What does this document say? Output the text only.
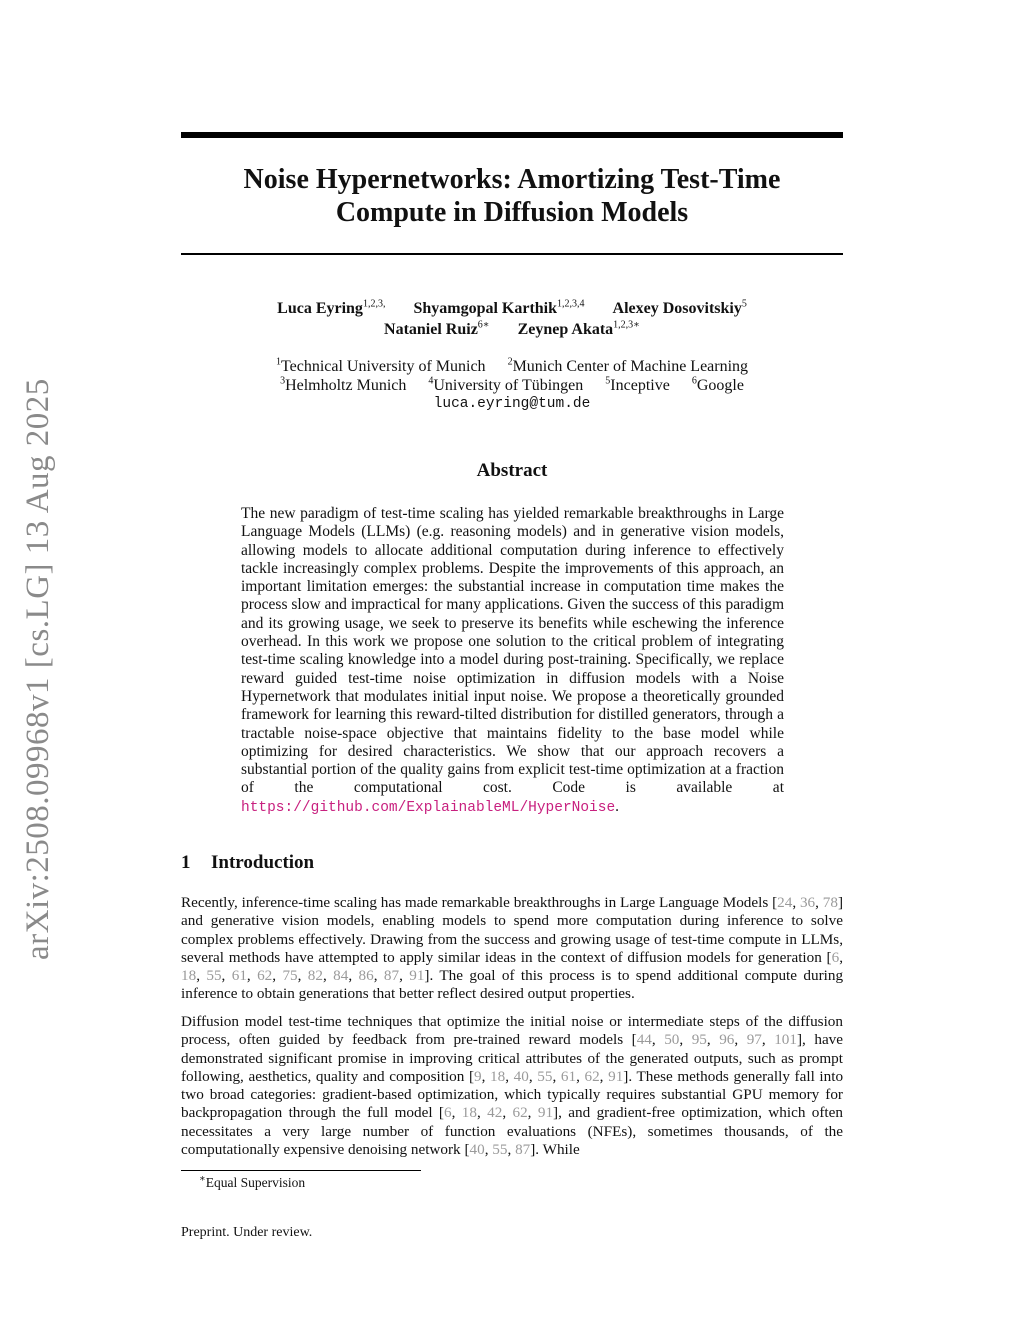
arXiv:2508.09968v1 [cs.LG] 13 Aug 2025
Noise Hypernetworks: Amortizing Test-Time
Compute in Diffusion Models
Luca Eyring$^{1,2,3,}$ Shyamgopal Karthik$^{1,2,3,4}$ Alexey Dosovitskiy$^5$
Nataniel Ruiz$^{6∗}$ Zeynep Akata$^{1,2,3∗}$
$^1$Technical University of Munich $^2$Munich Center of Machine Learning
$^3$Helmholtz Munich $^4$University of Tübingen $^5$Inceptive $^6$Google
luca.eyring@tum.de
Abstract
The new paradigm of test-time scaling has yielded remarkable breakthroughs in Large Language Models (LLMs) (e.g. reasoning models) and in generative vision models, allowing models to allocate additional computation during inference to effectively tackle increasingly complex problems. Despite the improvements of this approach, an important limitation emerges: the substantial increase in computation time makes the process slow and impractical for many applications. Given the success of this paradigm and its growing usage, we seek to preserve its benefits while eschewing the inference overhead. In this work we propose one solution to the critical problem of integrating test-time scaling knowledge into a model during post-training. Specifically, we replace reward guided test-time noise optimization in diffusion models with a Noise Hypernetwork that modulates initial input noise. We propose a theoretically grounded framework for learning this reward-tilted distribution for distilled generators, through a tractable noise-space objective that maintains fidelity to the base model while optimizing for desired characteristics. We show that our approach recovers a substantial portion of the quality gains from explicit test-time optimization at a fraction of the computational cost. Code is available at https://github.com/ExplainableML/HyperNoise.
1 Introduction
Recently, inference-time scaling has made remarkable breakthroughs in Large Language Models [24, 36, 78] and generative vision models, enabling models to spend more computation during inference to solve complex problems effectively. Drawing from the success and growing usage of test-time compute in LLMs, several methods have attempted to apply similar ideas in the context of diffusion models for generation [6, 18, 55, 61, 62, 75, 82, 84, 86, 87, 91]. The goal of this process is to spend additional compute during inference to obtain generations that better reflect desired output properties.
Diffusion model test-time techniques that optimize the initial noise or intermediate steps of the diffusion process, often guided by feedback from pre-trained reward models [44, 50, 95, 96, 97, 101], have demonstrated significant promise in improving critical attributes of the generated outputs, such as prompt following, aesthetics, quality and composition [9, 18, 40, 55, 61, 62, 91]. These methods generally fall into two broad categories: gradient-based optimization, which typically requires substantial GPU memory for backpropagation through the full model [6, 18, 42, 62, 91], and gradient-free optimization, which often necessitates a very large number of function evaluations (NFEs), sometimes thousands, of the computationally expensive denoising network [40, 55, 87]. While
∗Equal Supervision
Preprint. Under review.
